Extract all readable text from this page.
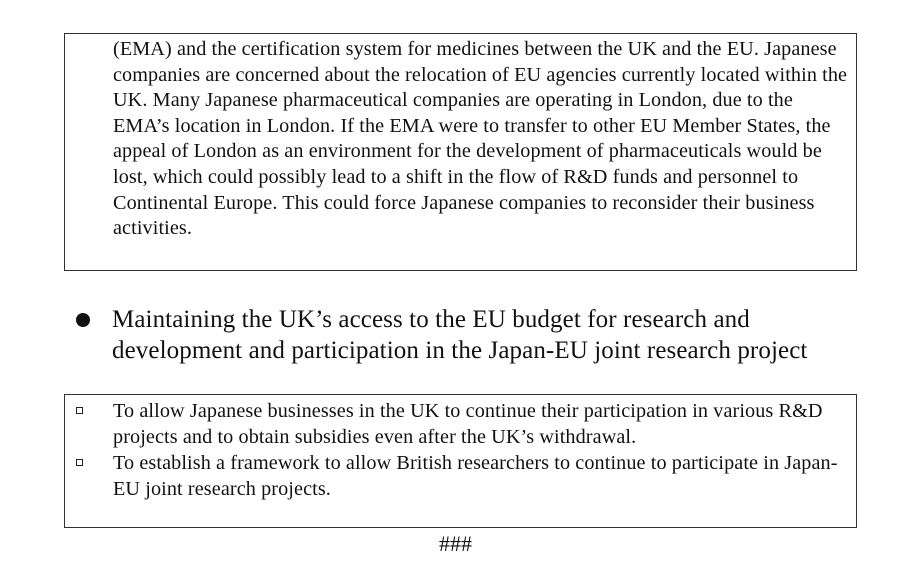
(EMA) and the certification system for medicines between the UK and the EU. Japanese companies are concerned about the relocation of EU agencies currently located within the UK. Many Japanese pharmaceutical companies are operating in London, due to the EMA’s location in London. If the EMA were to transfer to other EU Member States, the appeal of London as an environment for the development of pharmaceuticals would be lost, which could possibly lead to a shift in the flow of R&D funds and personnel to Continental Europe. This could force Japanese companies to reconsider their business activities.

Maintaining the UK’s access to the EU budget for research and development and participation in the Japan-EU joint research project

To allow Japanese businesses in the UK to continue their participation in various R&D projects and to obtain subsidies even after the UK’s withdrawal.
To establish a framework to allow British researchers to continue to participate in Japan-EU joint research projects.
###
